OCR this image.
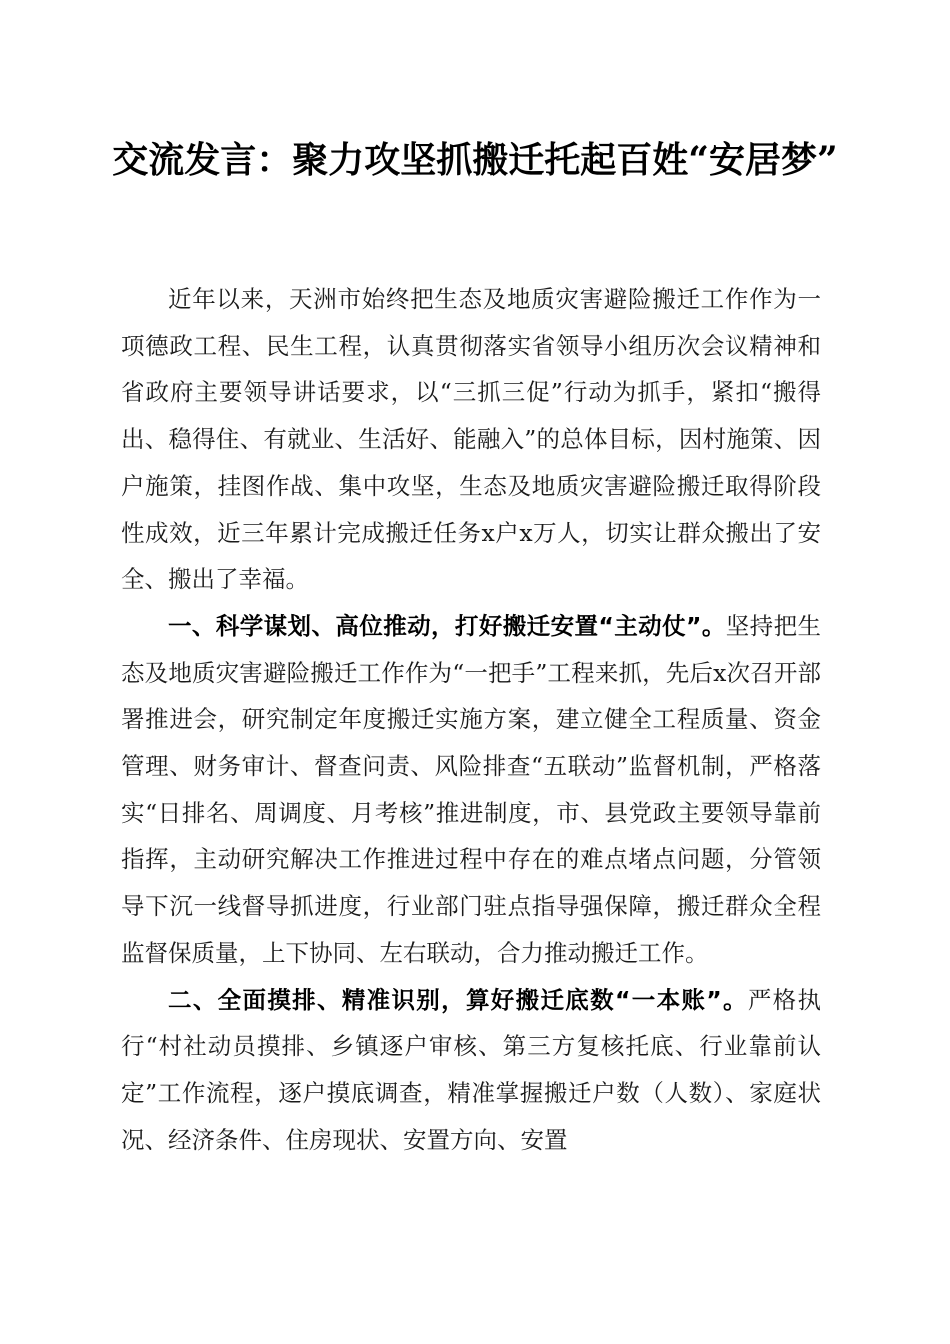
交流发言：聚力攻坚抓搬迁托起百姓“安居梦”

近年以来，天洲市始终把生态及地质灾害避险搬迁工作作为一项德政工程、民生工程，认真贯彻落实省领导小组历次会议精神和省政府主要领导讲话要求，以“三抓三促”行动为抓手，紧扣“搬得出、稳得住、有就业、生活好、能融入”的总体目标，因村施策、因户施策，挂图作战、集中攻坚，生态及地质灾害避险搬迁取得阶段性成效，近三年累计完成搬迁任务x户x万人，切实让群众搬出了安全、搬出了幸福。

一、科学谋划、高位推动，打好搬迁安置“主动仗”。坚持把生态及地质灾害避险搬迁工作作为“一把手”工程来抓，先后x次召开部署推进会，研究制定年度搬迁实施方案，建立健全工程质量、资金管理、财务审计、督查问责、风险排查“五联动”监督机制，严格落实“日排名、周调度、月考核”推进制度，市、县党政主要领导靠前指挥，主动研究解决工作推进过程中存在的难点堵点问题，分管领导下沉一线督导抓进度，行业部门驻点指导强保障，搬迁群众全程监督保质量，上下协同、左右联动，合力推动搬迁工作。

二、全面摸排、精准识别，算好搬迁底数“一本账”。严格执行“村社动员摸排、乡镇逐户审核、第三方复核托底、行业靠前认定”工作流程，逐户摸底调查，精准掌握搬迁户数（人数）、家庭状况、经济条件、住房现状、安置方向、安置
